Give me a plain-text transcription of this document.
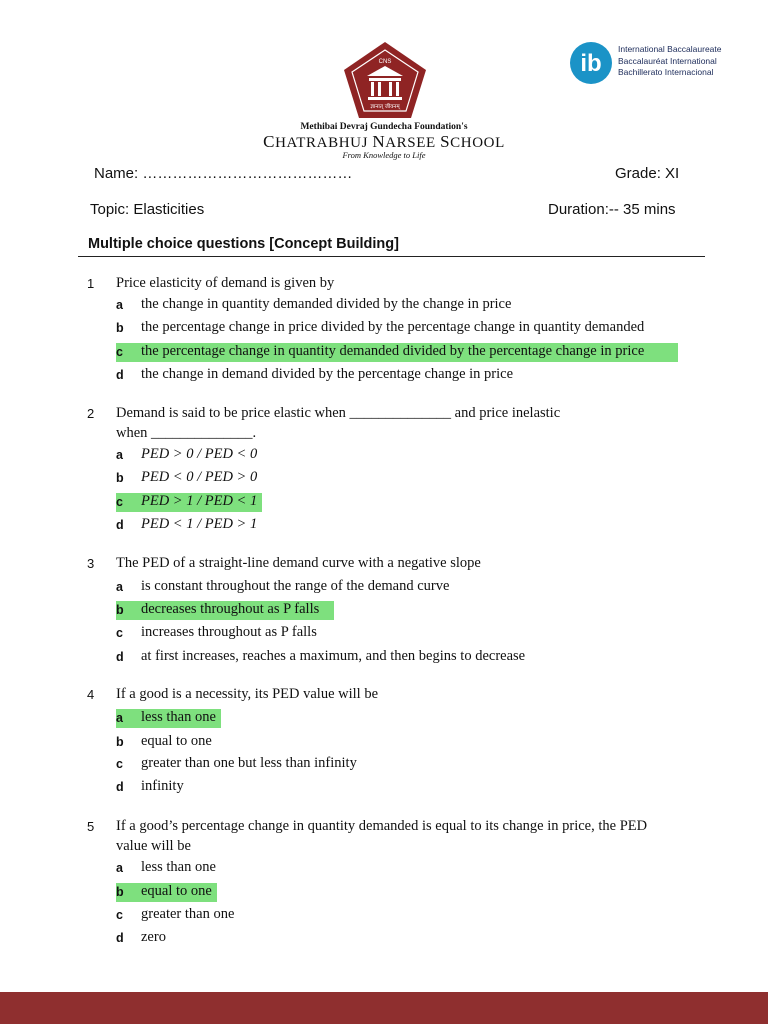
CNS
ज्ञानात् जीवनम्
Methibai Devraj Gundecha Foundation's
CHATRABHUJ NARSEE SCHOOL
From Knowledge to Life
ib
International Baccalaureate
Baccalauréat International
Bachillerato Internacional
Name: ……………………………………	Grade: XI
Topic: Elasticities	Duration:-- 35 mins
Multiple choice questions [Concept Building]
1 Price elasticity of demand is given by
a the change in quantity demanded divided by the change in price
b the percentage change in price divided by the percentage change in quantity demanded
c the percentage change in quantity demanded divided by the percentage change in price
d the change in demand divided by the percentage change in price
2 Demand is said to be price elastic when ______________ and price inelastic
when ______________.
a PED > 0 / PED < 0
b PED < 0 / PED > 0
c PED > 1 / PED < 1
d PED < 1 / PED > 1
3 The PED of a straight-line demand curve with a negative slope
a is constant throughout the range of the demand curve
b decreases throughout as P falls
c increases throughout as P falls
d at first increases, reaches a maximum, and then begins to decrease
4 If a good is a necessity, its PED value will be
a less than one
b equal to one
c greater than one but less than infinity
d infinity
5 If a good’s percentage change in quantity demanded is equal to its change in price, the PED
value will be
a less than one
b equal to one
c greater than one
d zero
